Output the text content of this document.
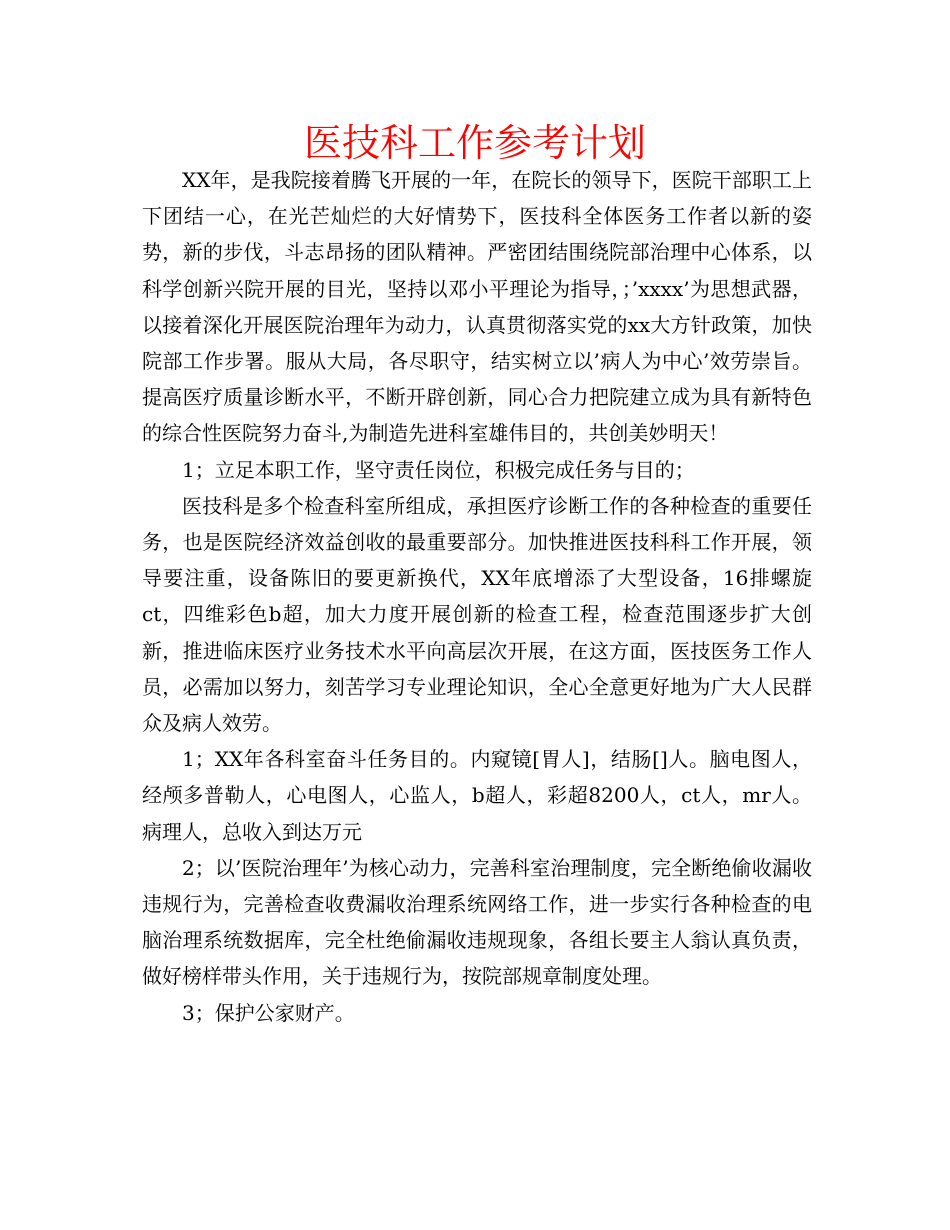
医技科工作参考计划

XX年，是我院接着腾飞开展的一年，在院长的领导下，医院干部职工上下团结一心，在光芒灿烂的大好情势下，医技科全体医务工作者以新的姿势，新的步伐，斗志昂扬的团队精神。严密团结围绕院部治理中心体系，以科学创新兴院开展的目光，坚持以邓小平理论为指导，；’xxxx’为思想武器，以接着深化开展医院治理年为动力，认真贯彻落实党的xx大方针政策，加快院部工作步署。服从大局，各尽职守，结实树立以’病人为中心’效劳崇旨。提高医疗质量诊断水平，不断开辟创新，同心合力把院建立成为具有新特色的综合性医院努力奋斗,为制造先进科室雄伟目的，共创美妙明天！

1；立足本职工作，坚守责任岗位，积极完成任务与目的；

医技科是多个检查科室所组成，承担医疗诊断工作的各种检查的重要任务，也是医院经济效益创收的最重要部分。加快推进医技科科工作开展，领导要注重，设备陈旧的要更新换代，XX年底增添了大型设备，16排螺旋ct，四维彩色b超，加大力度开展创新的检查工程，检查范围逐步扩大创新，推进临床医疗业务技术水平向高层次开展，在这方面，医技医务工作人员，必需加以努力，刻苦学习专业理论知识，全心全意更好地为广大人民群众及病人效劳。

1；XX年各科室奋斗任务目的。内窥镜[胃人]，结肠[]人。脑电图人，经颅多普勒人，心电图人，心监人，b超人，彩超8200人，ct人，mr人。病理人，总收入到达万元

2；以’医院治理年’为核心动力，完善科室治理制度，完全断绝偷收漏收违规行为，完善检查收费漏收治理系统网络工作，进一步实行各种检查的电脑治理系统数据库，完全杜绝偷漏收违规现象，各组长要主人翁认真负责，做好榜样带头作用，关于违规行为，按院部规章制度处理。

3；保护公家财产。
